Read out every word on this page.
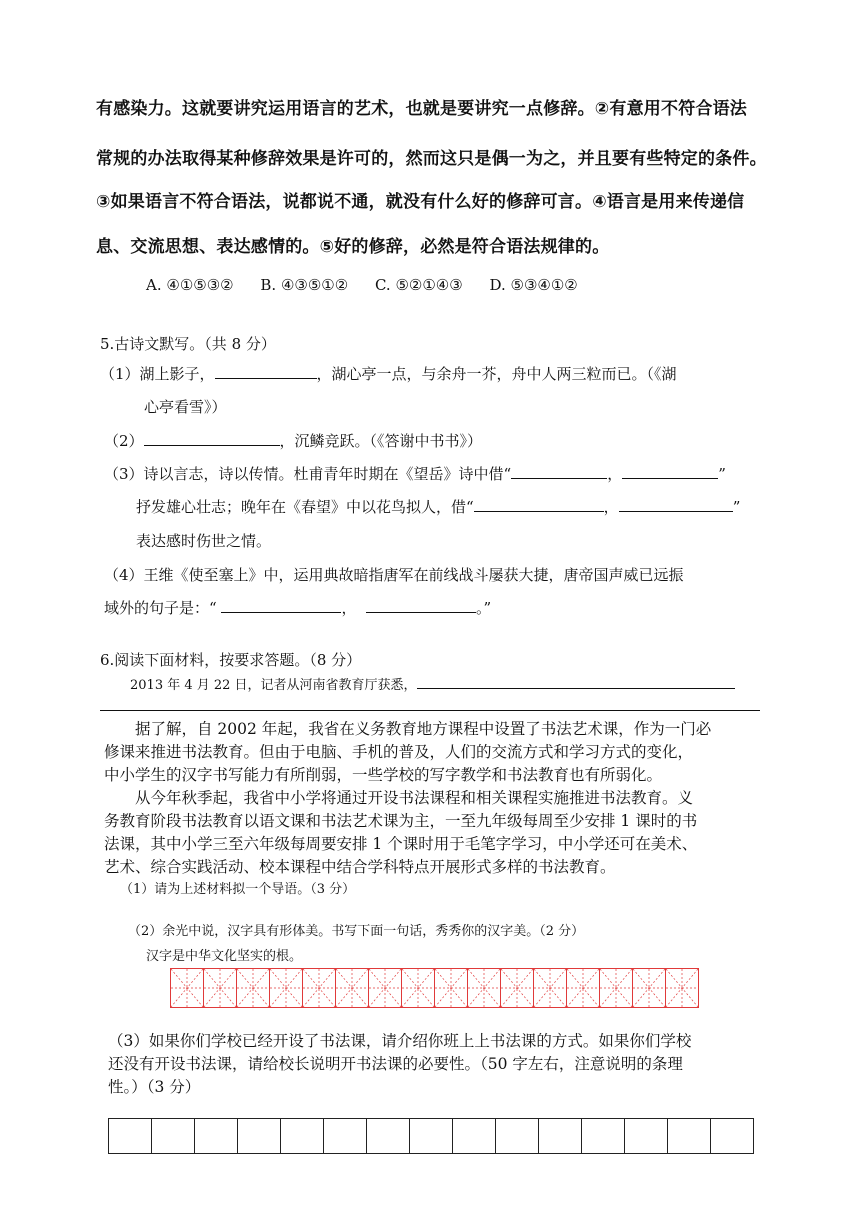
有感染力。这就要讲究运用语言的艺术，也就是要讲究一点修辞。②有意用不符合语法
常规的办法取得某种修辞效果是许可的，然而这只是偶一为之，并且要有些特定的条件。
③如果语言不符合语法，说都说不通，就没有什么好的修辞可言。④语言是用来传递信
息、交流思想、表达感情的。⑤好的修辞，必然是符合语法规律的。
A. ④①⑤③② B. ④③⑤①② C. ⑤②①④③ D. ⑤③④①②
5.古诗文默写。（共 8 分）
（1）湖上影子，	，湖心亭一点，与余舟一芥，舟中人两三粒而已。（《湖
心亭看雪》）
（2）	，沉鳞竞跃。（《答谢中书书》）
（3）诗以言志，诗以传情。杜甫青年时期在《望岳》诗中借“	，	”
抒发雄心壮志；晚年在《春望》中以花鸟拟人，借“	，	”
表达感时伤世之情。
（4）王维《使至塞上》中，运用典故暗指唐军在前线战斗屡获大捷，唐帝国声威已远振
域外的句子是：“	，	。”
6.阅读下面材料，按要求答题。（8 分）
2013 年 4 月 22 日，记者从河南省教育厅获悉，
　　据了解，自 2002 年起，我省在义务教育地方课程中设置了书法艺术课，作为一门必
修课来推进书法教育。但由于电脑、手机的普及，人们的交流方式和学习方式的变化，
中小学生的汉字书写能力有所削弱，一些学校的写字教学和书法教育也有所弱化。
　　从今年秋季起，我省中小学将通过开设书法课程和相关课程实施推进书法教育。义
务教育阶段书法教育以语文课和书法艺术课为主，一至九年级每周至少安排 1 课时的书
法课，其中小学三至六年级每周要安排 1 个课时用于毛笔字学习，中小学还可在美术、
艺术、综合实践活动、校本课程中结合学科特点开展形式多样的书法教育。
（1）请为上述材料拟一个导语。（3 分）
（2）余光中说，汉字具有形体美。书写下面一句话，秀秀你的汉字美。（2 分）
汉字是中华文化坚实的根。
（3）如果你们学校已经开设了书法课，请介绍你班上上书法课的方式。如果你们学校
还没有开设书法课，请给校长说明开书法课的必要性。（50 字左右，注意说明的条理
性。）（3 分）
